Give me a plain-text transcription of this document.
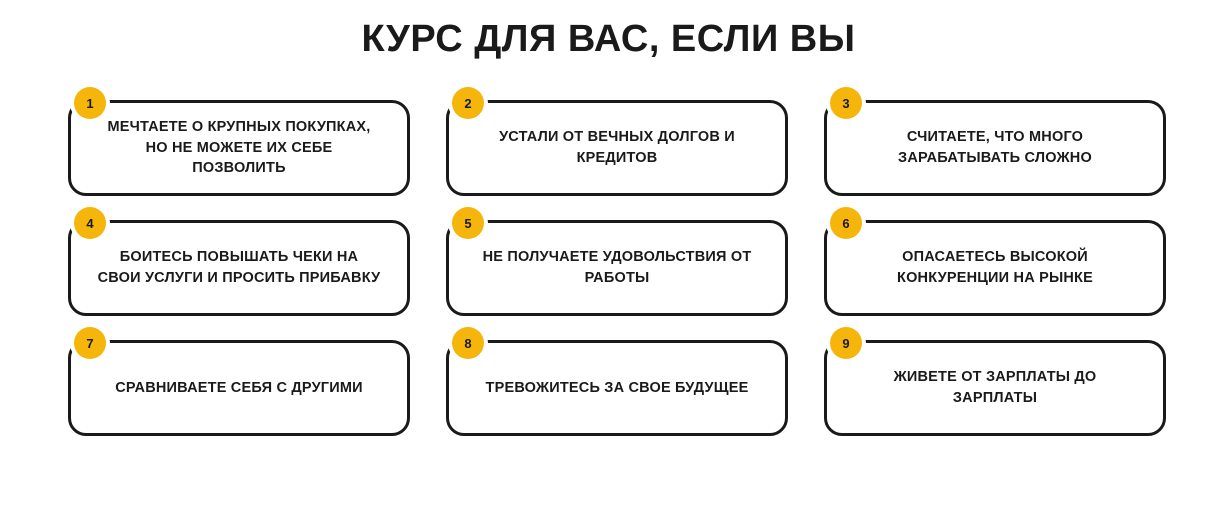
КУРС ДЛЯ ВАС, ЕСЛИ ВЫ
1
МЕЧТАЕТЕ О КРУПНЫХ ПОКУПКАХ, НО НЕ МОЖЕТЕ ИХ СЕБЕ ПОЗВОЛИТЬ
2
УСТАЛИ ОТ ВЕЧНЫХ ДОЛГОВ И КРЕДИТОВ
3
СЧИТАЕТЕ, ЧТО МНОГО ЗАРАБАТЫВАТЬ СЛОЖНО
4
БОИТЕСЬ ПОВЫШАТЬ ЧЕКИ НА СВОИ УСЛУГИ И ПРОСИТЬ ПРИБАВКУ
5
НЕ ПОЛУЧАЕТЕ УДОВОЛЬСТВИЯ ОТ РАБОТЫ
6
ОПАСАЕТЕСЬ ВЫСОКОЙ КОНКУРЕНЦИИ НА РЫНКЕ
7
СРАВНИВАЕТЕ СЕБЯ С ДРУГИМИ
8
ТРЕВОЖИТЕСЬ ЗА СВОЕ БУДУЩЕЕ
9
ЖИВЕТЕ ОТ ЗАРПЛАТЫ ДО ЗАРПЛАТЫ
